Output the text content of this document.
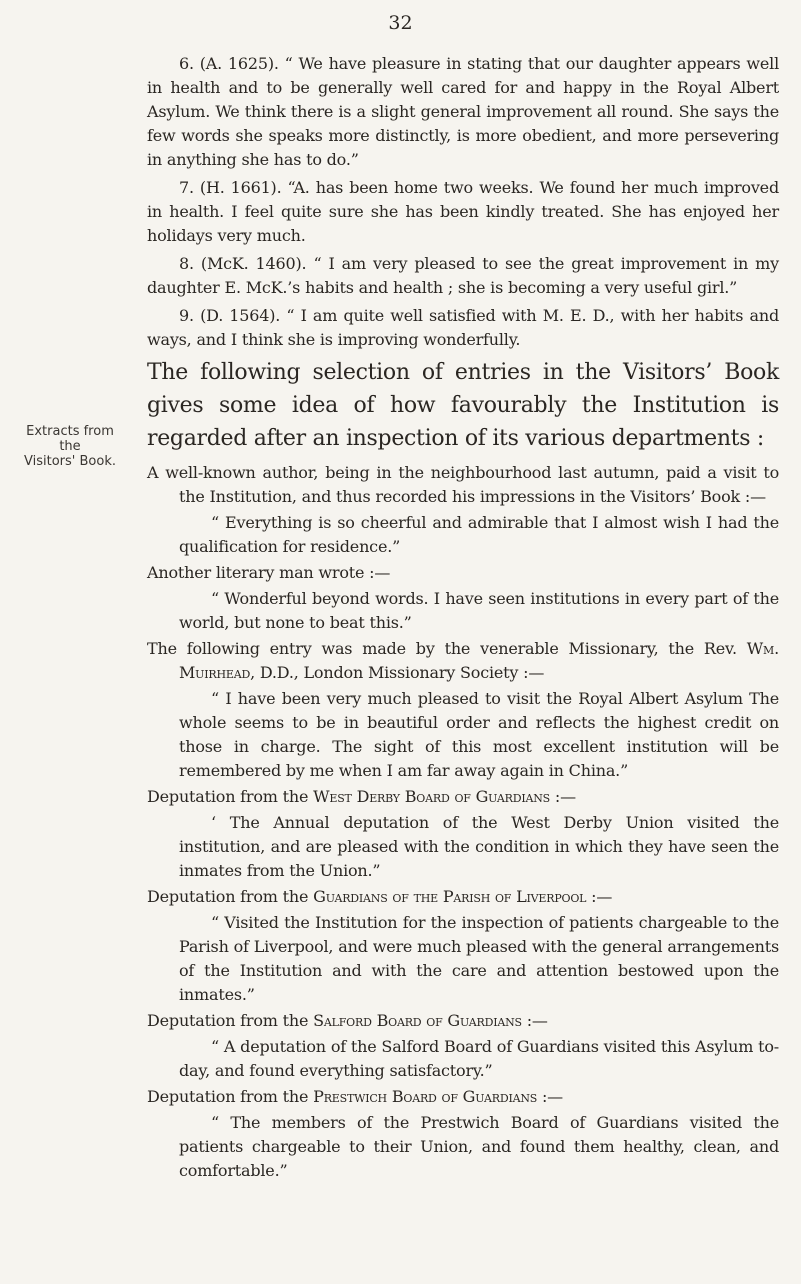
32

Extracts from
the
Visitors' Book.

6. (A. 1625). “ We have pleasure in stating that our daughter appears well in health and to be generally well cared for and happy in the Royal Albert Asylum. We think there is a slight general improvement all round. She says the few words she speaks more distinctly, is more obedient, and more persevering in anything she has to do.”

7. (H. 1661). “A. has been home two weeks. We found her much improved in health. I feel quite sure she has been kindly treated. She has enjoyed her holidays very much.

8. (McK. 1460). “ I am very pleased to see the great improvement in my daughter E. McK.’s habits and health ; she is becoming a very useful girl.”

9. (D. 1564). “ I am quite well satisfied with M. E. D., with her habits and ways, and I think she is improving wonderfully.

The following selection of entries in the Visitors’ Book gives some idea of how favourably the Institution is regarded after an inspection of its various departments :

A well-known author, being in the neighbourhood last autumn, paid a visit to the Institution, and thus recorded his impressions in the Visitors’ Book :—

“ Everything is so cheerful and admirable that I almost wish I had the qualification for residence.”

Another literary man wrote :—

“ Wonderful beyond words. I have seen institutions in every part of the world, but none to beat this.”

The following entry was made by the venerable Missionary, the Rev. Wm. Muirhead, D.D., London Missionary Society :—

“ I have been very much pleased to visit the Royal Albert Asylum The whole seems to be in beautiful order and reflects the highest credit on those in charge. The sight of this most excellent institution will be remembered by me when I am far away again in China.”

Deputation from the West Derby Board of Guardians :—

‘ The Annual deputation of the West Derby Union visited the institution, and are pleased with the condition in which they have seen the inmates from the Union.”

Deputation from the Guardians of the Parish of Liverpool :—

“ Visited the Institution for the inspection of patients chargeable to the Parish of Liverpool, and were much pleased with the general arrangements of the Institution and with the care and attention bestowed upon the inmates.”

Deputation from the Salford Board of Guardians :—

“ A deputation of the Salford Board of Guardians visited this Asylum to-day, and found everything satisfactory.”

Deputation from the Prestwich Board of Guardians :—

“ The members of the Prestwich Board of Guardians visited the patients chargeable to their Union, and found them healthy, clean, and comfortable.”
